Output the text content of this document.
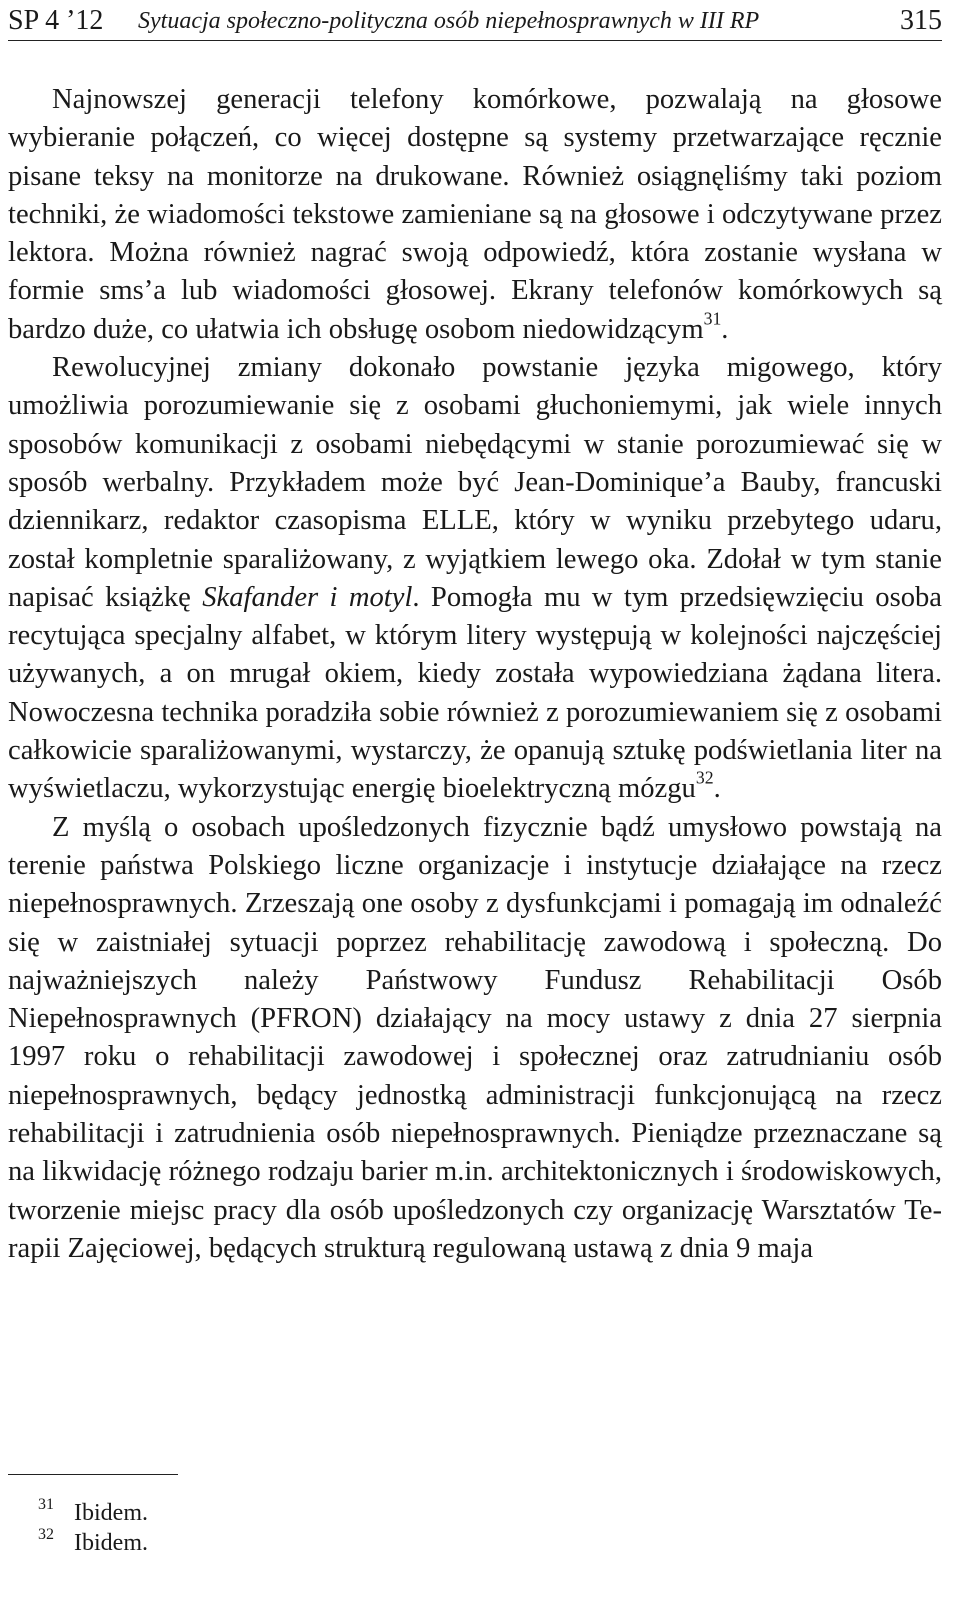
SP 4 ’12 Sytuacja społeczno-polityczna osób niepełnosprawnych w III RP	315

Najnowszej generacji telefony komórkowe, pozwalają na głosowe wybieranie połączeń, co więcej dostępne są systemy przetwarzające ręcznie pisane teksy na monitorze na drukowane. Również osiągnęliśmy taki poziom techniki, że wiadomości tekstowe zamieniane są na głosowe i odczytywane przez lektora. Można również nagrać swoją odpowiedź, która zostanie wysłana w formie sms’a lub wiadomości głosowej. Ekrany telefonów komórkowych są bardzo duże, co ułatwia ich obsługę osobom niedowidzącym$^{31}$.

Rewolucyjnej zmiany dokonało powstanie języka migowego, który umożliwia porozumiewanie się z osobami głuchoniemymi, jak wiele innych sposobów komunikacji z osobami niebędącymi w stanie porozumiewać się w sposób werbalny. Przykładem może być Jean-Dominique’a Bauby, francuski dziennikarz, redaktor czasopisma ELLE, który w wyniku przebytego udaru, został kompletnie sparaliżowany, z wyjątkiem lewego oka. Zdołał w tym stanie napisać książkę Skafander i motyl. Pomogła mu w tym przedsięwzięciu osoba recytująca specjalny alfabet, w którym litery występują w kolejności najczęściej używanych, a on mrugał okiem, kiedy została wypowiedziana żądana litera. Nowoczesna technika poradziła sobie również z porozumiewaniem się z osobami całkowicie sparaliżowanymi, wystarczy, że opanują sztukę podświetlania liter na wyświetlaczu, wykorzystując energię bioelektryczną mózgu$^{32}$.

Z myślą o osobach upośledzonych fizycznie bądź umysłowo powstają na terenie państwa Polskiego liczne organizacje i instytucje działające na rzecz niepełnosprawnych. Zrzeszają one osoby z dysfunkcjami i pomagają im odnaleźć się w zaistniałej sytuacji poprzez rehabilitację zawodową i społeczną. Do najważniejszych należy Państwowy Fundusz Rehabilitacji Osób Niepełnosprawnych (PFRON) działający na mocy ustawy z dnia 27 sierpnia 1997 roku o rehabilitacji zawodowej i społecznej oraz zatrudnianiu osób niepełnosprawnych, będący jednostką administracji funkcjonującą na rzecz rehabilitacji i zatrudnienia osób niepełnosprawnych. Pieniądze przeznaczane są na likwidację różnego rodzaju barier m.in. architektonicznych i środowiskowych, tworzenie miejsc pracy dla osób upośledzonych czy organizację Warsztatów Terapii Zajęciowej, będących strukturą regulowaną ustawą z dnia 9 maja

31 Ibidem.
32 Ibidem.
